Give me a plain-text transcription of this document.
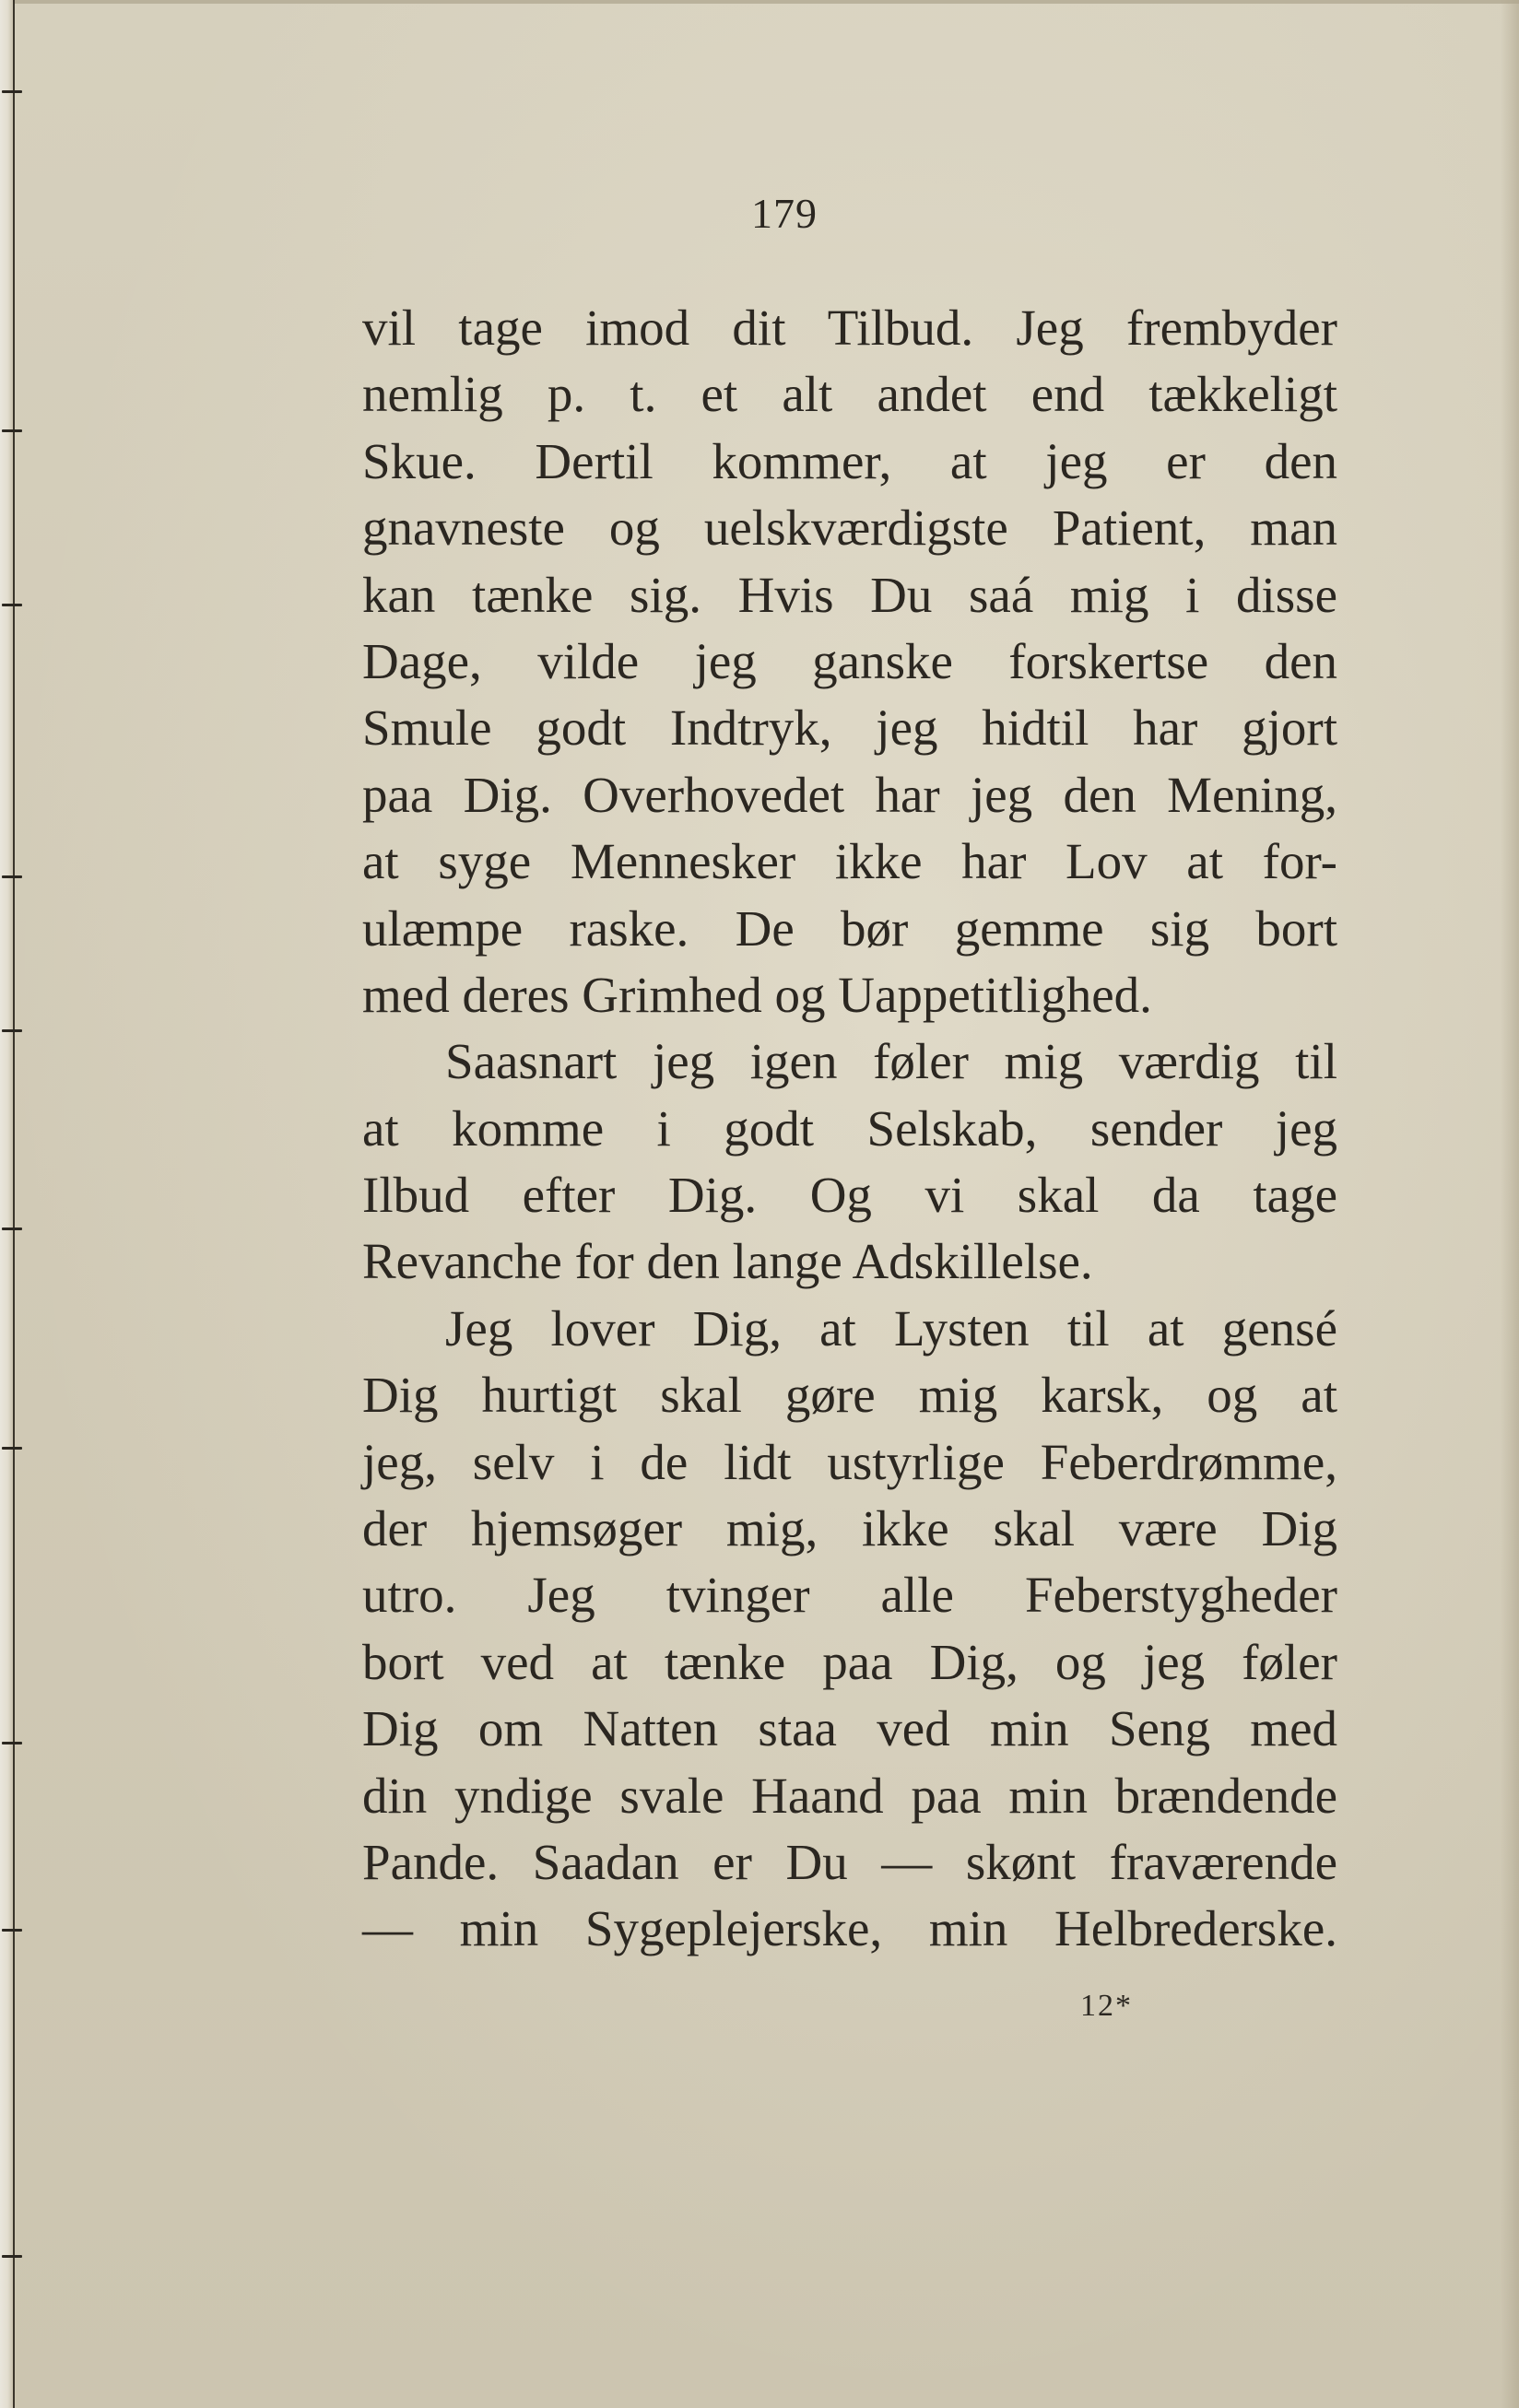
179
vil tage imod dit Tilbud. Jeg frembyder
nemlig p. t. et alt andet end tækkeligt
Skue. Dertil kommer, at jeg er den
gnavneste og uelskværdigste Patient, man
kan tænke sig. Hvis Du saá mig i disse
Dage, vilde jeg ganske forskertse den
Smule godt Indtryk, jeg hidtil har gjort
paa Dig. Overhovedet har jeg den Mening,
at syge Mennesker ikke har Lov at for-
ulæmpe raske. De bør gemme sig bort
med deres Grimhed og Uappetitlighed.
Saasnart jeg igen føler mig værdig til
at komme i godt Selskab, sender jeg
Ilbud efter Dig. Og vi skal da tage
Revanche for den lange Adskillelse.
Jeg lover Dig, at Lysten til at gensé
Dig hurtigt skal gøre mig karsk, og at
jeg, selv i de lidt ustyrlige Feberdrømme,
der hjemsøger mig, ikke skal være Dig
utro. Jeg tvinger alle Feberstygheder
bort ved at tænke paa Dig, og jeg føler
Dig om Natten staa ved min Seng med
din yndige svale Haand paa min brændende
Pande. Saadan er Du — skønt fraværende
— min Sygeplejerske, min Helbrederske.
12*
